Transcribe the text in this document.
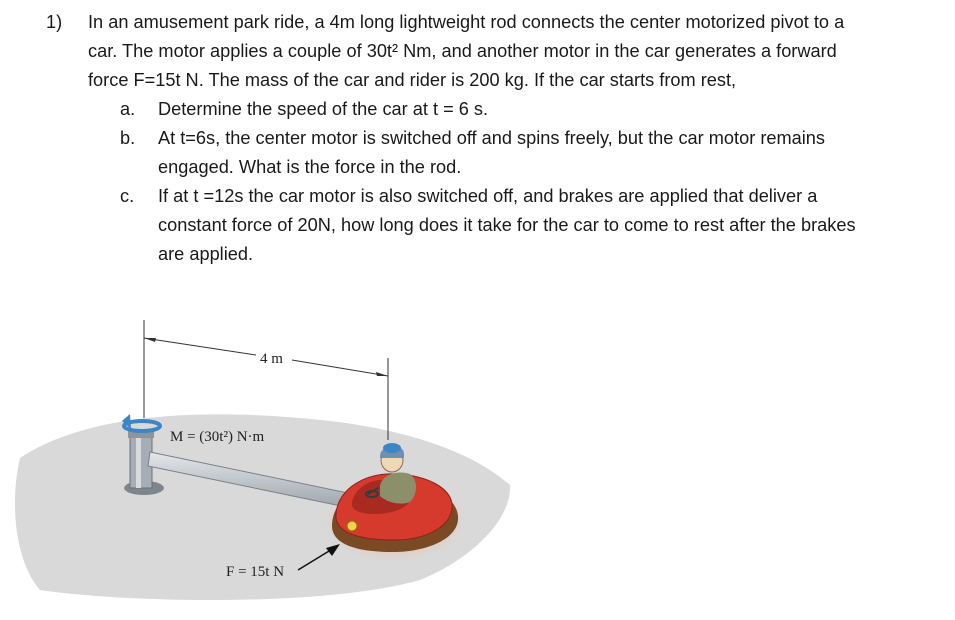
1) In an amusement park ride, a 4m long lightweight rod connects the center motorized pivot to a
car. The motor applies a couple of 30t² Nm, and another motor in the car generates a forward
force F=15t N. The mass of the car and rider is 200 kg. If the car starts from rest,
a. Determine the speed of the car at t = 6 s.
b. At t=6s, the center motor is switched off and spins freely, but the car motor remains
engaged. What is the force in the rod.
c. If at t =12s the car motor is also switched off, and brakes are applied that deliver a
constant force of 20N, how long does it take for the car to come to rest after the brakes
are applied.
4 m
M = (30t²) N·m
F = 15t N
